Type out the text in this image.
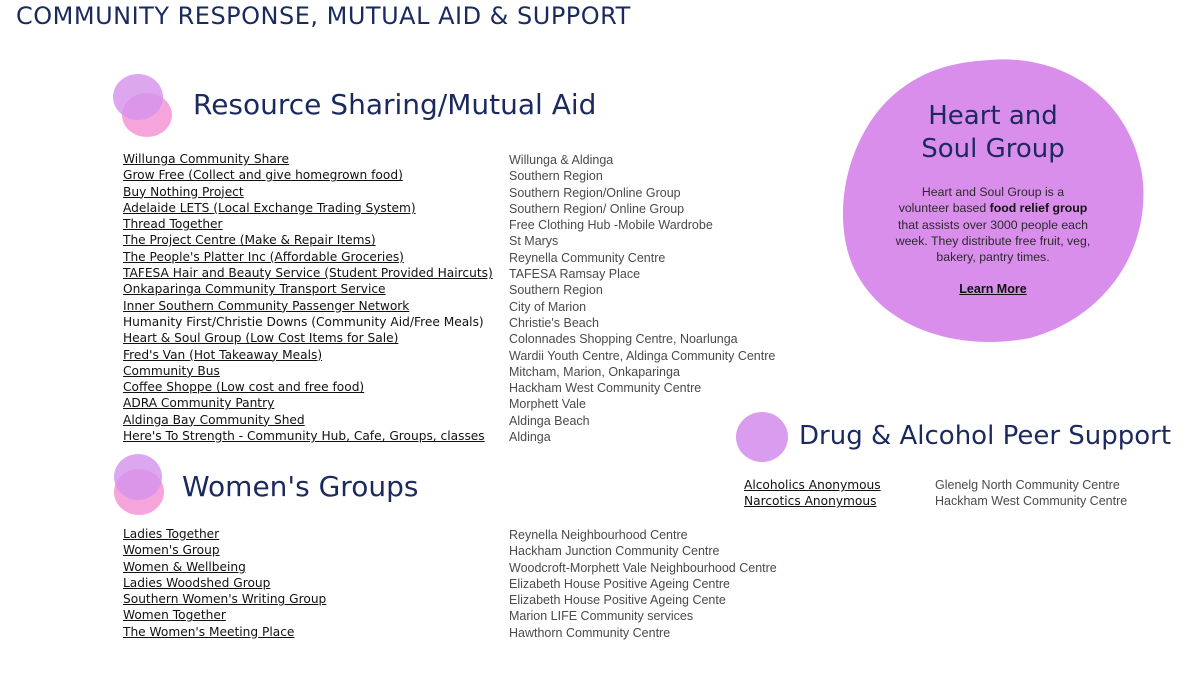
COMMUNITY RESPONSE, MUTUAL AID & SUPPORT
Resource Sharing/Mutual Aid
Willunga Community Share
Grow Free (Collect and give homegrown food)
Buy Nothing Project
Adelaide LETS (Local Exchange Trading System)
Thread Together
The Project Centre (Make & Repair Items)
The People's Platter Inc (Affordable Groceries)
TAFESA Hair and Beauty Service (Student Provided Haircuts)
Onkaparinga Community Transport Service
Inner Southern Community Passenger Network
Humanity First/Christie Downs (Community Aid/Free Meals)
Heart & Soul Group (Low Cost Items for Sale)
Fred's Van (Hot Takeaway Meals)
Community Bus
Coffee Shoppe (Low cost and free food)
ADRA Community Pantry
Aldinga Bay Community Shed
Here's To Strength - Community Hub, Cafe, Groups, classes
Willunga & Aldinga
Southern Region
Southern Region/Online Group
Southern Region/ Online Group
Free Clothing Hub -Mobile Wardrobe
St Marys
Reynella Community Centre
TAFESA Ramsay Place
Southern Region
City of Marion
Christie's Beach
Colonnades Shopping Centre, Noarlunga
Wardii Youth Centre, Aldinga Community Centre
Mitcham, Marion, Onkaparinga
Hackham West Community Centre
Morphett Vale
Aldinga Beach
Aldinga
Women's Groups
Ladies Together
Women's Group
Women & Wellbeing
Ladies Woodshed Group
Southern Women's Writing Group
Women Together
The Women's Meeting Place
Reynella Neighbourhood Centre
Hackham Junction Community Centre
Woodcroft-Morphett Vale Neighbourhood Centre
Elizabeth House Positive Ageing Centre
Elizabeth House Positive Ageing Cente
Marion LIFE Community services
Hawthorn Community Centre
Heart and
Soul Group

Heart and Soul Group is a volunteer based food relief group that assists over 3000 people each week. They distribute free fruit, veg, bakery, pantry times.

Learn More
Drug & Alcohol Peer Support
Alcoholics Anonymous
Narcotics Anonymous
Glenelg North Community Centre
Hackham West Community Centre
